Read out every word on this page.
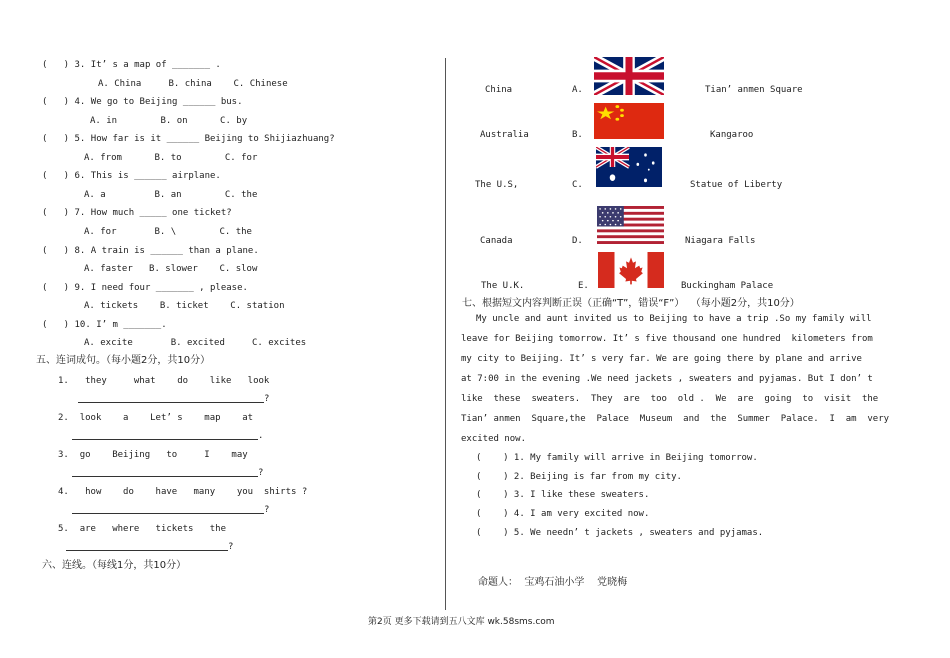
(   ) 3. It’ s a map of _______ .
A. China     B. china    C. Chinese
(   ) 4. We go to Beijing ______ bus.
A. in        B. on      C. by
(   ) 5. How far is it ______ Beijing to Shijiazhuang?
A. from      B. to        C. for
(   ) 6. This is ______ airplane.
A. a         B. an        C. the
(   ) 7. How much _____ one ticket?
A. for       B. \        C. the
(   ) 8. A train is ______ than a plane.
A. faster   B. slower    C. slow
(   ) 9. I need four _______ , please.
A. tickets    B. ticket    C. station
(   ) 10. I’ m _______.
A. excite       B. excited     C. excites
五、连词成句。（每小题2分，共10分）
1. they     what    do    like   look
?
2. look    a    Let’ s    map    at
.
3. go    Beijing   to     I    may
?
4. how    do    have   many    you  shirts ?
?
5. are   where   tickets   the
?
六、连线。（每线1分，共10分）
China
Australia
The U.S,
Canada
The U.K.
A.
B.
C.
D.
E.
Tian’ anmen Square
Kangaroo
Statue of Liberty
Niagara Falls
Buckingham Palace
七、根据短文内容判断正误（正确“T”，错误“F”）  （每小题2分，共10分）
My uncle and aunt invited us to Beijing to have a trip .So my family will
leave for Beijing tomorrow. It’ s five thousand one hundred  kilometers from
my city to Beijing. It’ s very far. We are going there by plane and arrive
at 7:00 in the evening .We need jackets , sweaters and pyjamas. But I don’ t
like  these  sweaters.  They  are  too  old .  We  are  going  to  visit  the
Tian’ anmen  Square,the  Palace  Museum  and  the  Summer  Palace.  I  am  very
excited now.
(    ) 1. My family will arrive in Beijing tomorrow.
(    ) 2. Beijing is far from my city.
(    ) 3. I like these sweaters.
(    ) 4. I am very excited now.
(    ) 5. We needn’ t jackets , sweaters and pyjamas.
命题人：  宝鸡石油小学    党晓梅
第2页 更多下载请到五八文库 wk.58sms.com
